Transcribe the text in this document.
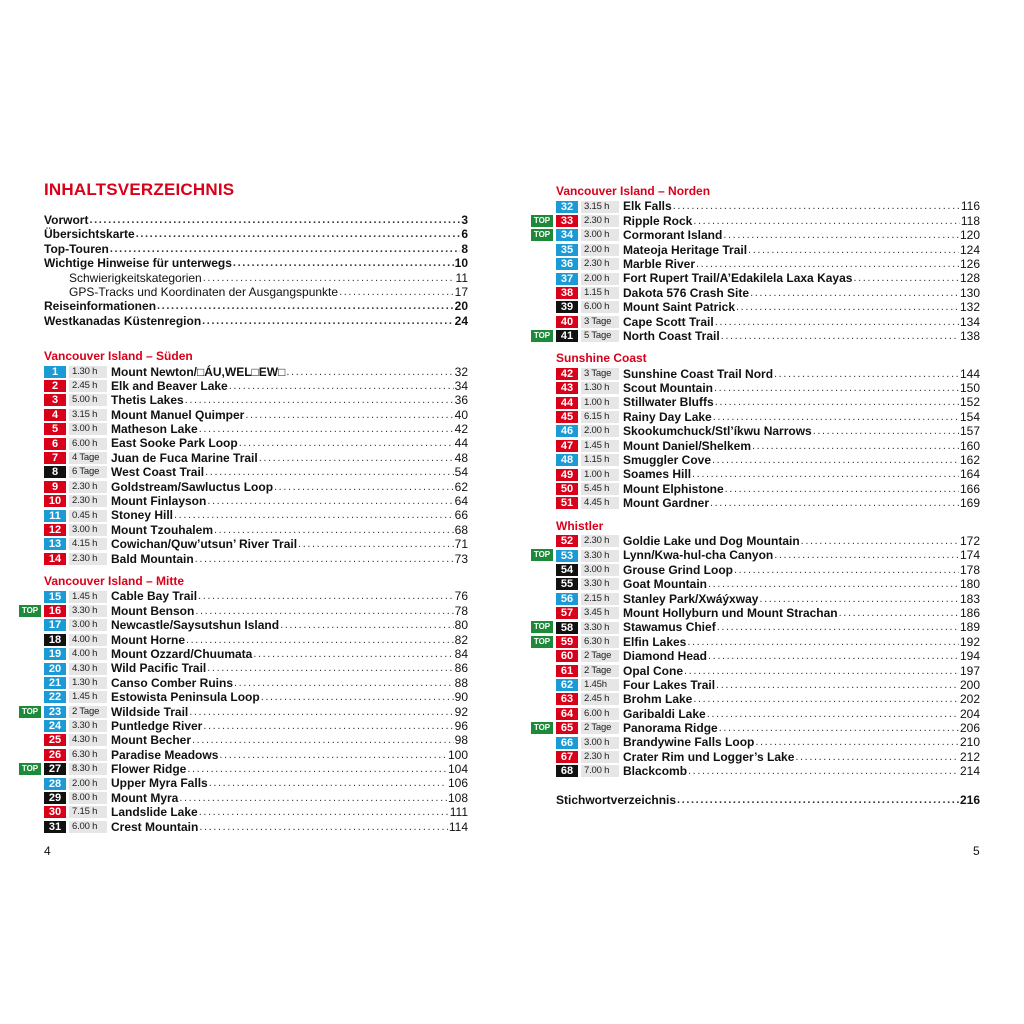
INHALTSVERZEICHNIS
Vorwort .....	3
Übersichtskarte .....	6
Top-Touren .....	8
Wichtige Hinweise für unterwegs .....	10
Schwierigkeitskategorien .....	11
GPS-Tracks und Koordinaten der Ausgangspunkte .....	17
Reiseinformationen .....	20
Westkanadas Küstenregion .....	24
Vancouver Island – Süden
1	1.30 h	Mount Newton/□ÁU,WEL□EW□ .....	32
2	2.45 h	Elk and Beaver Lake .....	34
3	5.00 h	Thetis Lakes .....	36
4	3.15 h	Mount Manuel Quimper .....	40
5	3.00 h	Matheson Lake .....	42
6	6.00 h	East Sooke Park Loop .....	44
7	4 Tage Juan de Fuca Marine Trail .....	48
8	6 Tage West Coast Trail .....	54
9	2.30 h	Goldstream/Sawluctus Loop .....	62
10	2.30 h	Mount Finlayson .....	64
11	0.45 h	Stoney Hill .....	66
12	3.00 h	Mount Tzouhalem .....	68
13	4.15 h	Cowichan/Quw’utsun’ River Trail .....	71
14	2.30 h	Bald Mountain .....	73
Vancouver Island – Mitte
15	1.45 h	Cable Bay Trail .....	76
TOP 16	3.30 h	Mount Benson .....	78
17	3.00 h	Newcastle/Saysutshun Island .....	80
18	4.00 h	Mount Horne .....	82
19	4.00 h	Mount Ozzard/Chuumata .....	84
20	4.30 h	Wild Pacific Trail .....	86
21	1.30 h	Canso Comber Ruins .....	88
22	1.45 h	Estowista Peninsula Loop .....	90
TOP 23	2 Tage Wildside Trail .....	92
24	3.30 h	Puntledge River .....	96
25	4.30 h	Mount Becher .....	98
26	6.30 h	Paradise Meadows .....	100
TOP 27	8.30 h	Flower Ridge .....	104
28	2.00 h	Upper Myra Falls .....	106
29	8.00 h	Mount Myra .....	108
30	7.15 h	Landslide Lake .....	111
31	6.00 h	Crest Mountain .....	114
Vancouver Island – Norden
32	3.15 h	Elk Falls .....	116
TOP 33	2.30 h	Ripple Rock .....	118
TOP 34	3.00 h	Cormorant Island .....	120
35	2.00 h	Mateoja Heritage Trail .....	124
36	2.30 h	Marble River .....	126
37	2.00 h	Fort Rupert Trail/A’Edakilela Laxa Kayas .....	128
38	1.15 h	Dakota 576 Crash Site .....	130
39	6.00 h	Mount Saint Patrick .....	132
40	3 Tage Cape Scott Trail .....	134
TOP 41	5 Tage North Coast Trail .....	138
Sunshine Coast
42	3 Tage Sunshine Coast Trail Nord .....	144
43	1.30 h	Scout Mountain .....	150
44	1.00 h	Stillwater Bluffs .....	152
45	6.15 h	Rainy Day Lake .....	154
46	2.00 h	Skookumchuck/Stl’íkwu Narrows .....	157
47	1.45 h	Mount Daniel/Shelkem .....	160
48	1.15 h	Smuggler Cove .....	162
49	1.00 h	Soames Hill .....	164
50	5.45 h	Mount Elphistone .....	166
51	4.45 h	Mount Gardner .....	169
Whistler
52	2.30 h	Goldie Lake und Dog Mountain .....	172
TOP 53	3.30 h	Lynn/Kwa-hul-cha Canyon .....	174
54	3.00 h	Grouse Grind Loop .....	178
55	3.30 h	Goat Mountain .....	180
56	2.15 h	Stanley Park/Xwáýxway .....	183
57	3.45 h	Mount Hollyburn und Mount Strachan .....	186
TOP 58	3.30 h	Stawamus Chief .....	189
TOP 59	6.30 h	Elfin Lakes .....	192
60	2 Tage Diamond Head .....	194
61	2 Tage Opal Cone .....	197
62	1.45h	Four Lakes Trail .....	200
63	2.45 h	Brohm Lake .....	202
64	6.00 h	Garibaldi Lake .....	204
TOP 65	2 Tage Panorama Ridge .....	206
66	3.00 h	Brandywine Falls Loop .....	210
67	2.30 h	Crater Rim und Logger’s Lake .....	212
68	7.00 h	Blackcomb .....	214
Stichwortverzeichnis .....	216
4	5
